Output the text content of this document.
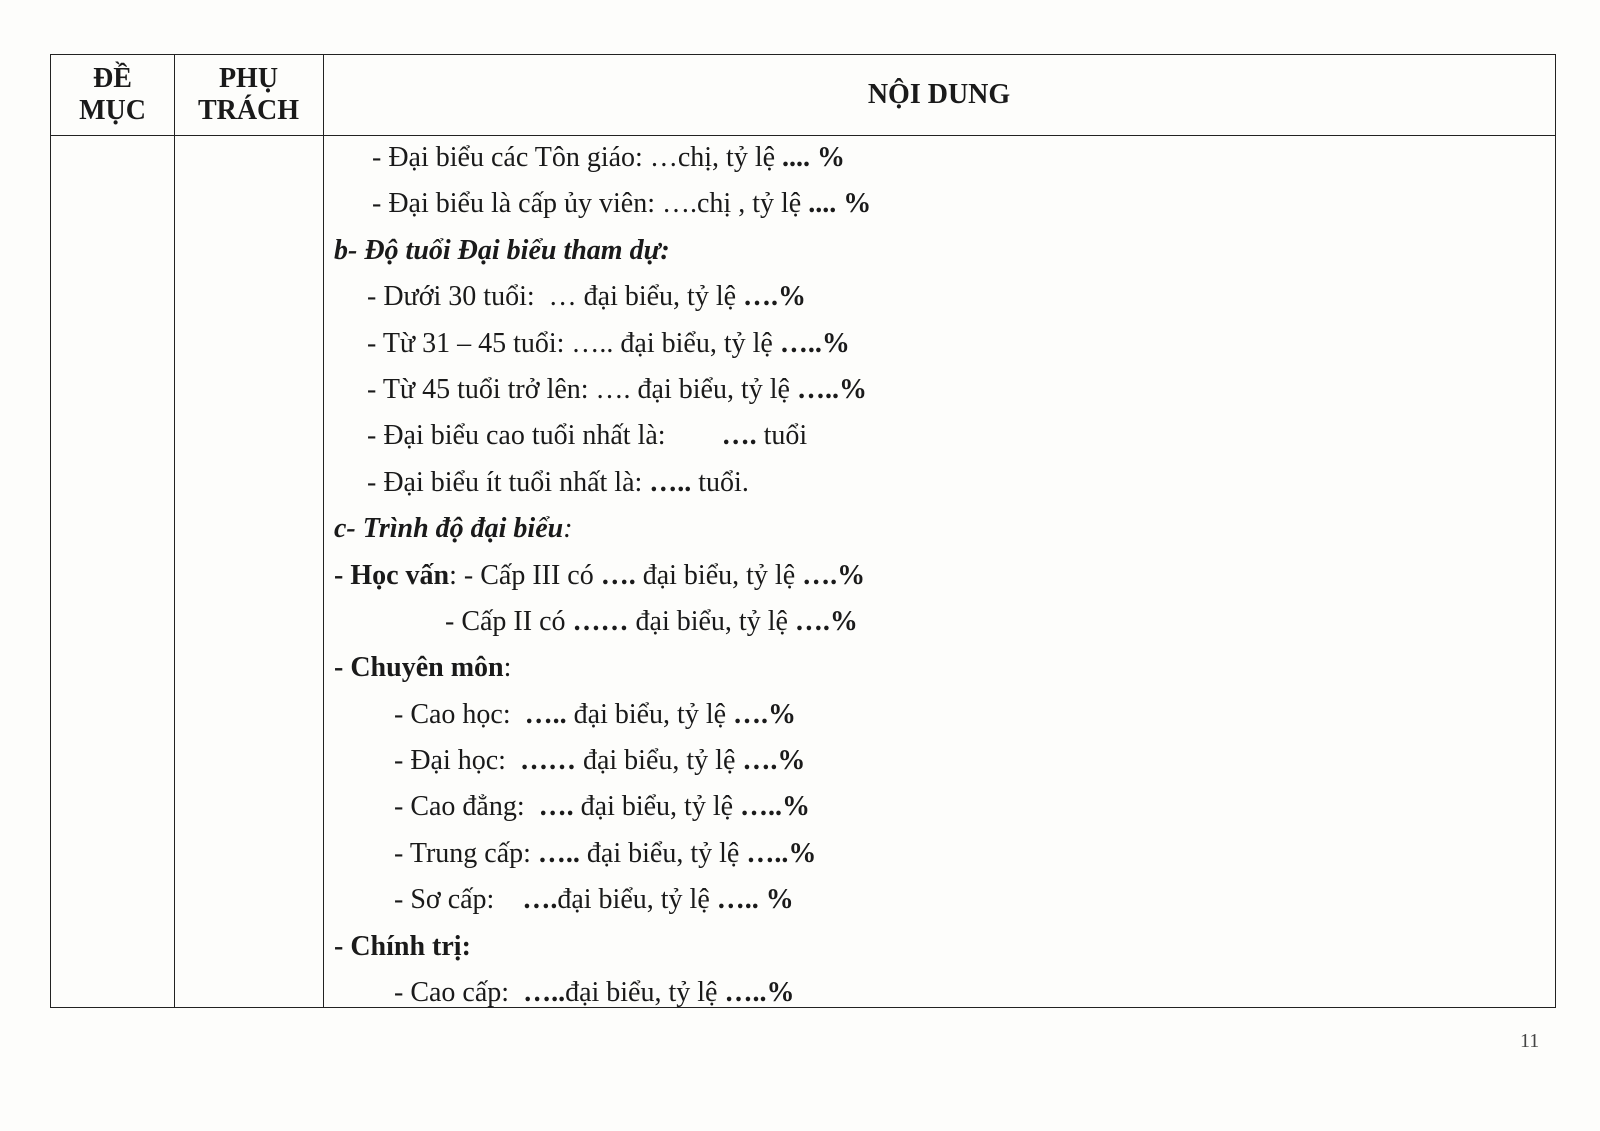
ĐỀ
MỤC
PHỤ
TRÁCH
NỘI DUNG
- Đại biểu các Tôn giáo: …chị, tỷ lệ .... %
- Đại biểu là cấp ủy viên: ….chị , tỷ lệ .... %
b- Độ tuổi Đại biểu tham dự:
- Dưới 30 tuổi:  … đại biểu, tỷ lệ ….%
- Từ 31 – 45 tuổi: ….. đại biểu, tỷ lệ …..%
- Từ 45 tuổi trở lên: …. đại biểu, tỷ lệ …..%
- Đại biểu cao tuổi nhất là:        …. tuổi
- Đại biểu ít tuổi nhất là: ….. tuổi.
c- Trình độ đại biểu:
- Học vấn: - Cấp III có …. đại biểu, tỷ lệ ….%
- Cấp II có …… đại biểu, tỷ lệ ….%
- Chuyên môn:
- Cao học:  ….. đại biểu, tỷ lệ ….%
- Đại học:  …… đại biểu, tỷ lệ ….%
- Cao đẳng:  …. đại biểu, tỷ lệ …..%
- Trung cấp: ….. đại biểu, tỷ lệ …..%
- Sơ cấp:    ….đại biểu, tỷ lệ ….. %
- Chính trị:
- Cao cấp:  …..đại biểu, tỷ lệ …..%
11
